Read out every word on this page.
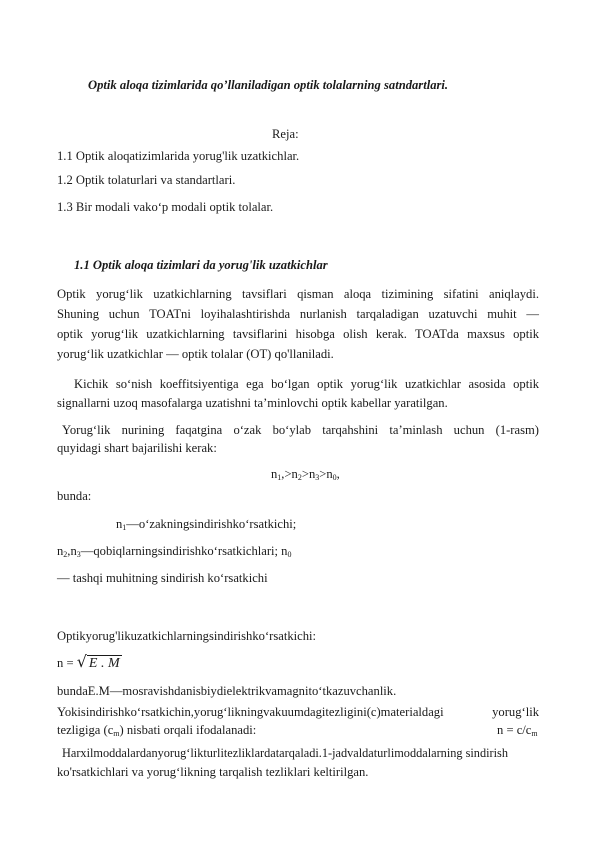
Optik aloqa tizimlarida qo’llaniladigan optik tolalarning satndartlari.
Reja:
1.1 Optik aloqatizimlarida yorug'lik uzatkichlar.
1.2 Optik tolaturlari va standartlari.
1.3 Bir modali vako‘p modali optik tolalar.
1.1 Optik aloqa tizimlari da yorug'lik uzatkichlar
Optik yorug‘lik uzatkichlarning tavsiflari qisman aloqa tizimining sifatini aniqlaydi.
Shuning uchun TOATni loyihalashtirishda nurlanish tarqaladigan uzatuvchi muhit —
optik yorug‘lik uzatkichlarning tavsiflarini hisobga olish kerak. TOATda maxsus optik
yorug‘lik uzatkichlar — optik tolalar (OT) qo'llaniladi.
Kichik so‘nish koeffitsiyentiga ega bo‘lgan optik yorug‘lik uzatkichlar asosida optik
signallarni uzoq masofalarga uzatishni ta’minlovchi optik kabellar yaratilgan.
Yorug‘lik nurining faqatgina o‘zak bo‘ylab tarqahshini ta’minlash uchun (1-rasm)
quyidagi shart bajarilishi kerak:
$n_1,>n_2>n_3>n_0$,
bunda:
$n_1—o‘zakningsindirishko‘rsatkichi$;
$n_2,n_3—qobiqlarningsindirishko‘rsatkichlari$; $n_0$
— tashqi muhitning sindirish ko‘rsatkichi
Optikyorug'likuzatkichlarningsindirishko‘rsatkichi:
n = √ E . M
bundaE.M—mosravishdanisbiydielektrikvamagnito‘tkazuvchanlik.
Yokisindirishko‘rsatkichin,yorug‘likningvakuumdagitezligini(c)materialdagi yorug‘lik
tezligiga $(c_m)$ nisbati orqali ifodalanadi:	$n = c/c_m$
Harxilmoddalardanyorug‘likturlitezliklardatarqaladi.1-jadvaldaturlimoddalarning sindirish
ko'rsatkichlari va yorug‘likning tarqalish tezliklari keltirilgan.
